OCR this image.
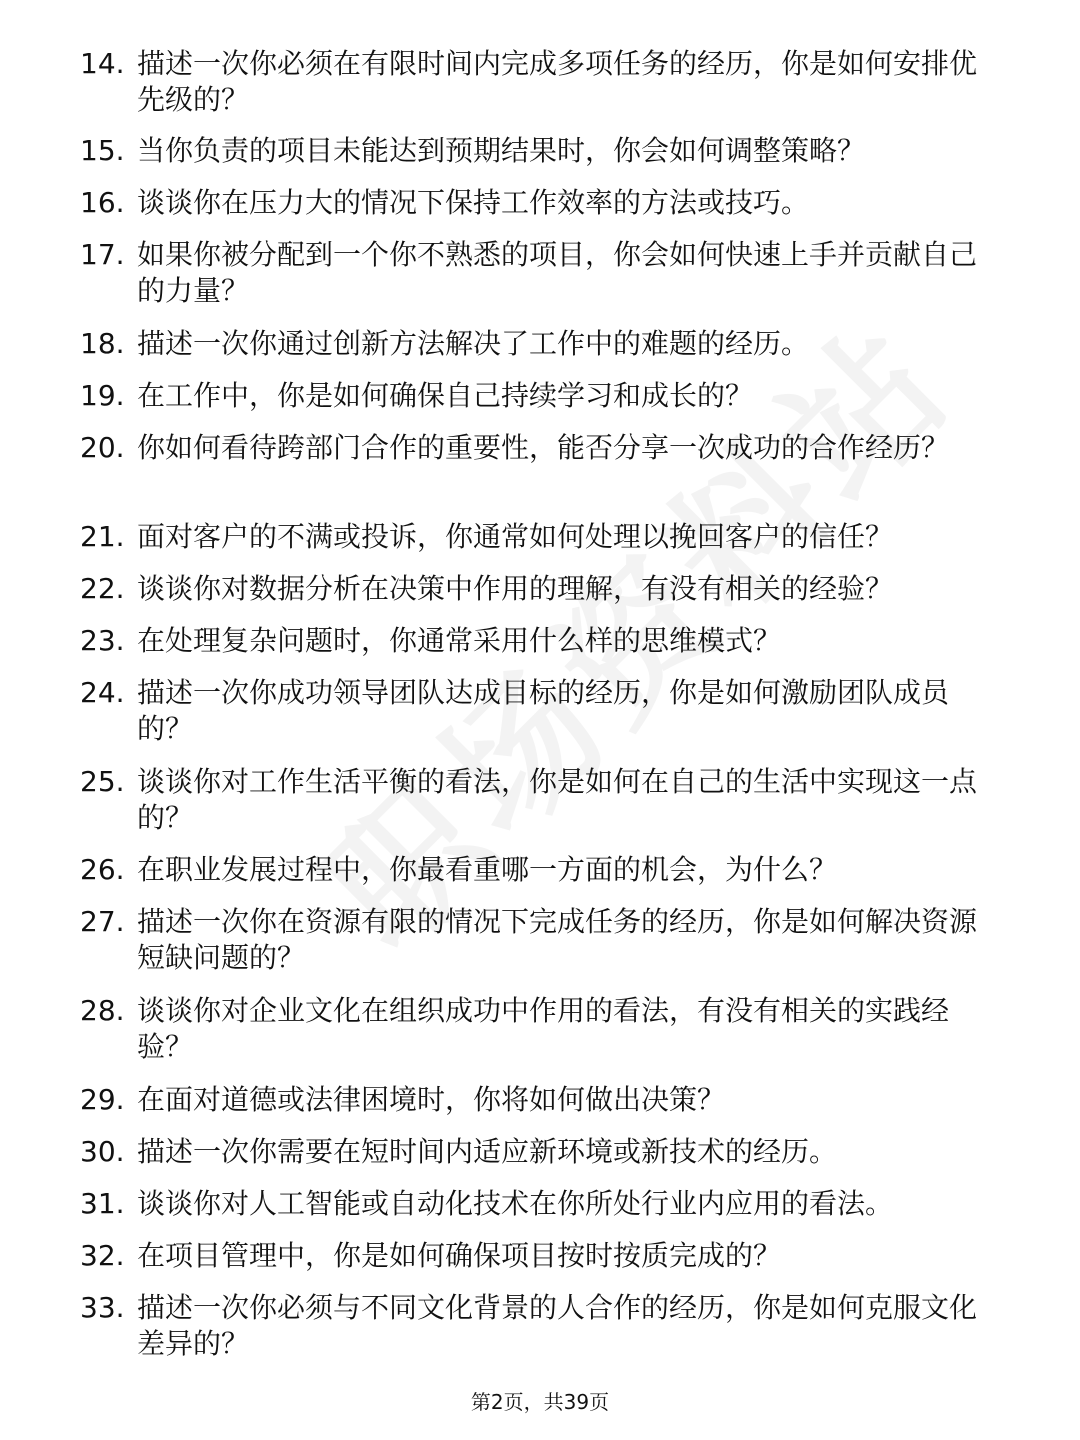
14. 描述一次你必须在有限时间内完成多项任务的经历，你是如何安排优先级的？
15. 当你负责的项目未能达到预期结果时，你会如何调整策略？
16. 谈谈你在压力大的情况下保持工作效率的方法或技巧。
17. 如果你被分配到一个你不熟悉的项目，你会如何快速上手并贡献自己的力量？
18. 描述一次你通过创新方法解决了工作中的难题的经历。
19. 在工作中，你是如何确保自己持续学习和成长的？
20. 你如何看待跨部门合作的重要性，能否分享一次成功的合作经历？
21. 面对客户的不满或投诉，你通常如何处理以挽回客户的信任？
22. 谈谈你对数据分析在决策中作用的理解，有没有相关的经验？
23. 在处理复杂问题时，你通常采用什么样的思维模式？
24. 描述一次你成功领导团队达成目标的经历，你是如何激励团队成员的？
25. 谈谈你对工作生活平衡的看法，你是如何在自己的生活中实现这一点的？
26. 在职业发展过程中，你最看重哪一方面的机会，为什么？
27. 描述一次你在资源有限的情况下完成任务的经历，你是如何解决资源短缺问题的？
28. 谈谈你对企业文化在组织成功中作用的看法，有没有相关的实践经验？
29. 在面对道德或法律困境时，你将如何做出决策？
30. 描述一次你需要在短时间内适应新环境或新技术的经历。
31. 谈谈你对人工智能或自动化技术在你所处行业内应用的看法。
32. 在项目管理中，你是如何确保项目按时按质完成的？
33. 描述一次你必须与不同文化背景的人合作的经历，你是如何克服文化差异的？
第2页，共39页
